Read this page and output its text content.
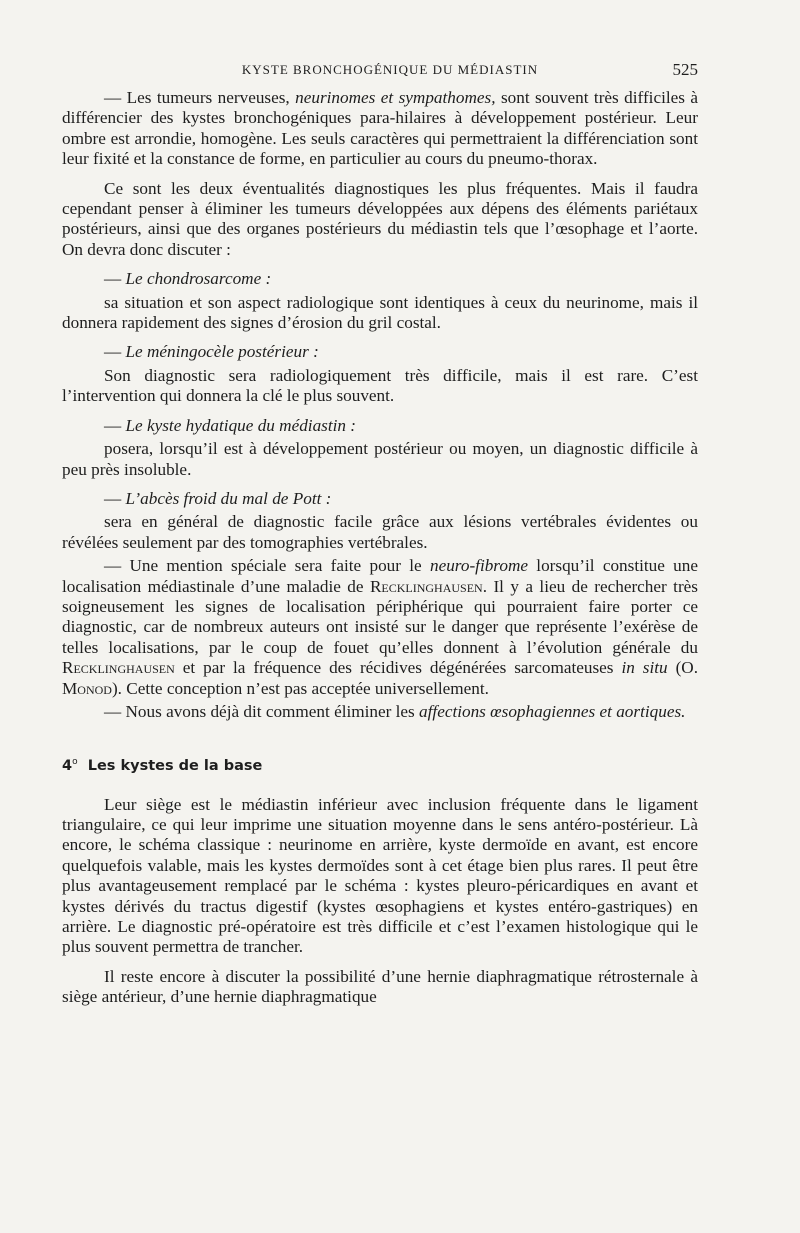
KYSTE BRONCHOGÉNIQUE DU MÉDIASTIN	525

— Les tumeurs nerveuses, neurinomes et sympathomes, sont souvent très difficiles à différencier des kystes bronchogéniques para-hilaires à développement postérieur. Leur ombre est arrondie, homogène. Les seuls caractères qui permettraient la différenciation sont leur fixité et la constance de forme, en particulier au cours du pneumo-thorax.

Ce sont les deux éventualités diagnostiques les plus fréquentes. Mais il faudra cependant penser à éliminer les tumeurs développées aux dépens des éléments pariétaux postérieurs, ainsi que des organes postérieurs du médiastin tels que l’œsophage et l’aorte. On devra donc discuter :

— Le chondrosarcome :

sa situation et son aspect radiologique sont identiques à ceux du neurinome, mais il donnera rapidement des signes d’érosion du gril costal.

— Le méningocèle postérieur :

Son diagnostic sera radiologiquement très difficile, mais il est rare. C’est l’intervention qui donnera la clé le plus souvent.

— Le kyste hydatique du médiastin :

posera, lorsqu’il est à développement postérieur ou moyen, un diagnostic difficile à peu près insoluble.

— L’abcès froid du mal de Pott :

sera en général de diagnostic facile grâce aux lésions vertébrales évidentes ou révélées seulement par des tomographies vertébrales.

— Une mention spéciale sera faite pour le neuro-fibrome lorsqu’il constitue une localisation médiastinale d’une maladie de Recklinghausen. Il y a lieu de rechercher très soigneusement les signes de localisation périphérique qui pourraient faire porter ce diagnostic, car de nombreux auteurs ont insisté sur le danger que représente l’exérèse de telles localisations, par le coup de fouet qu’elles donnent à l’évolution générale du Recklinghausen et par la fréquence des récidives dégénérées sarcomateuses in situ (O. Monod). Cette conception n’est pas acceptée universellement.

— Nous avons déjà dit comment éliminer les affections œsophagiennes et aortiques.

4$^o$ Les kystes de la base

Leur siège est le médiastin inférieur avec inclusion fréquente dans le ligament triangulaire, ce qui leur imprime une situation moyenne dans le sens antéro-postérieur. Là encore, le schéma classique : neurinome en arrière, kyste dermoïde en avant, est encore quelquefois valable, mais les kystes dermoïdes sont à cet étage bien plus rares. Il peut être plus avantageusement remplacé par le schéma : kystes pleuro-péricardiques en avant et kystes dérivés du tractus digestif (kystes œsophagiens et kystes entéro-gastriques) en arrière. Le diagnostic pré-opératoire est très difficile et c’est l’examen histologique qui le plus souvent permettra de trancher.

Il reste encore à discuter la possibilité d’une hernie diaphragmatique rétrosternale à siège antérieur, d’une hernie diaphragmatique
